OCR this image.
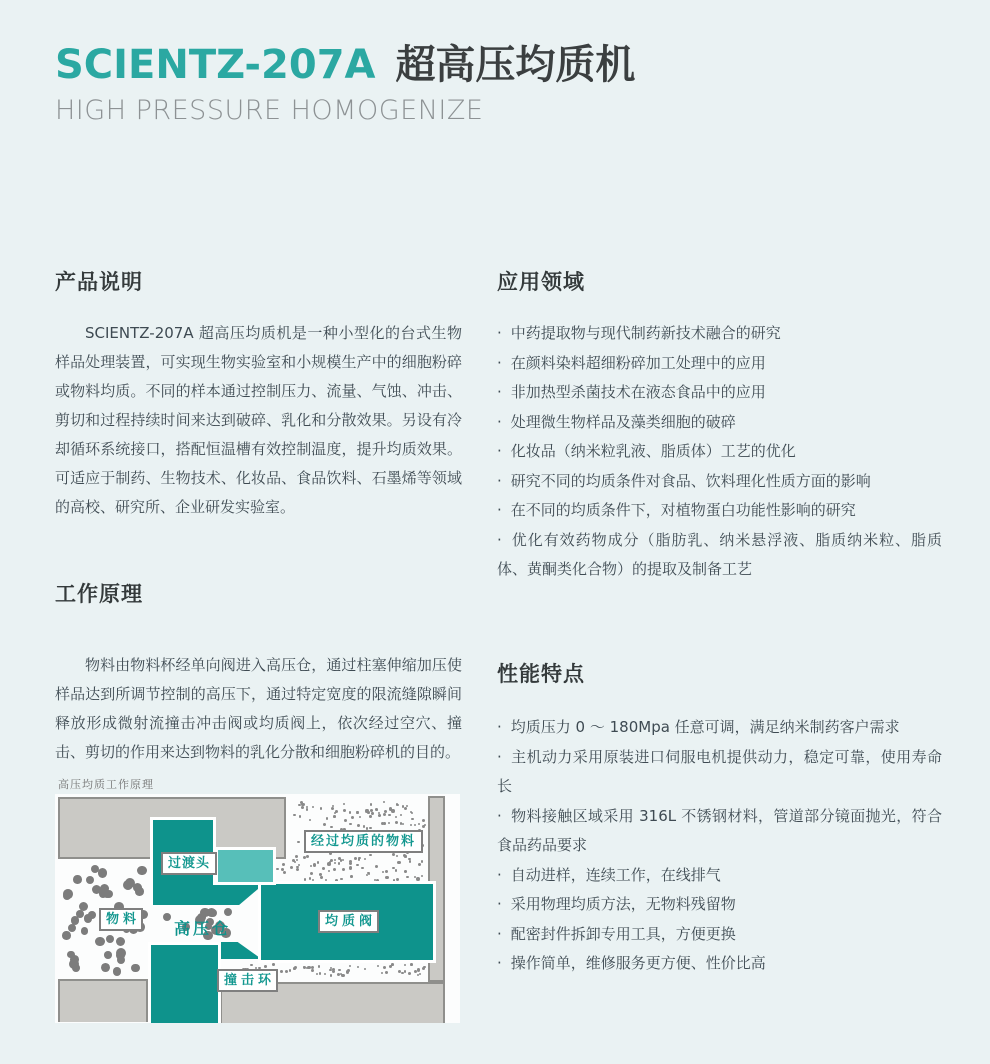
SCIENTZ-207A 超高压均质机
HIGH PRESSURE HOMOGENIZE
产品说明
SCIENTZ-207A 超高压均质机是一种小型化的台式生物样品处理装置，可实现生物实验室和小规模生产中的细胞粉碎或物料均质。不同的样本通过控制压力、流量、气蚀、冲击、剪切和过程持续时间来达到破碎、乳化和分散效果。另设有冷却循环系统接口，搭配恒温槽有效控制温度，提升均质效果。可适应于制药、生物技术、化妆品、食品饮料、石墨烯等领域的高校、研究所、企业研发实验室。
工作原理
物料由物料杯经单向阀进入高压仓，通过柱塞伸缩加压使样品达到所调节控制的高压下，通过特定宽度的限流缝隙瞬间释放形成微射流撞击冲击阀或均质阀上，依次经过空穴、撞击、剪切的作用来达到物料的乳化分散和细胞粉碎机的目的。
高压均质工作原理
经过均质的物料
过渡头
物料 高压仓	均质阀
撞击环
应用领域
· 中药提取物与现代制药新技术融合的研究
· 在颜料染料超细粉碎加工处理中的应用
· 非加热型杀菌技术在液态食品中的应用
· 处理微生物样品及藻类细胞的破碎
· 化妆品（纳米粒乳液、脂质体）工艺的优化
· 研究不同的均质条件对食品、饮料理化性质方面的影响
· 在不同的均质条件下，对植物蛋白功能性影响的研究
· 优化有效药物成分（脂肪乳、纳米悬浮液、脂质纳米粒、脂质体、黄酮类化合物）的提取及制备工艺
性能特点
· 均质压力 0 ～ 180Mpa 任意可调，满足纳米制药客户需求
· 主机动力采用原装进口伺服电机提供动力，稳定可靠，使用寿命长
· 物料接触区域采用 316L 不锈钢材料，管道部分镜面抛光，符合食品药品要求
· 自动进样，连续工作，在线排气
· 采用物理均质方法，无物料残留物
· 配密封件拆卸专用工具，方便更换
· 操作简单，维修服务更方便、性价比高
